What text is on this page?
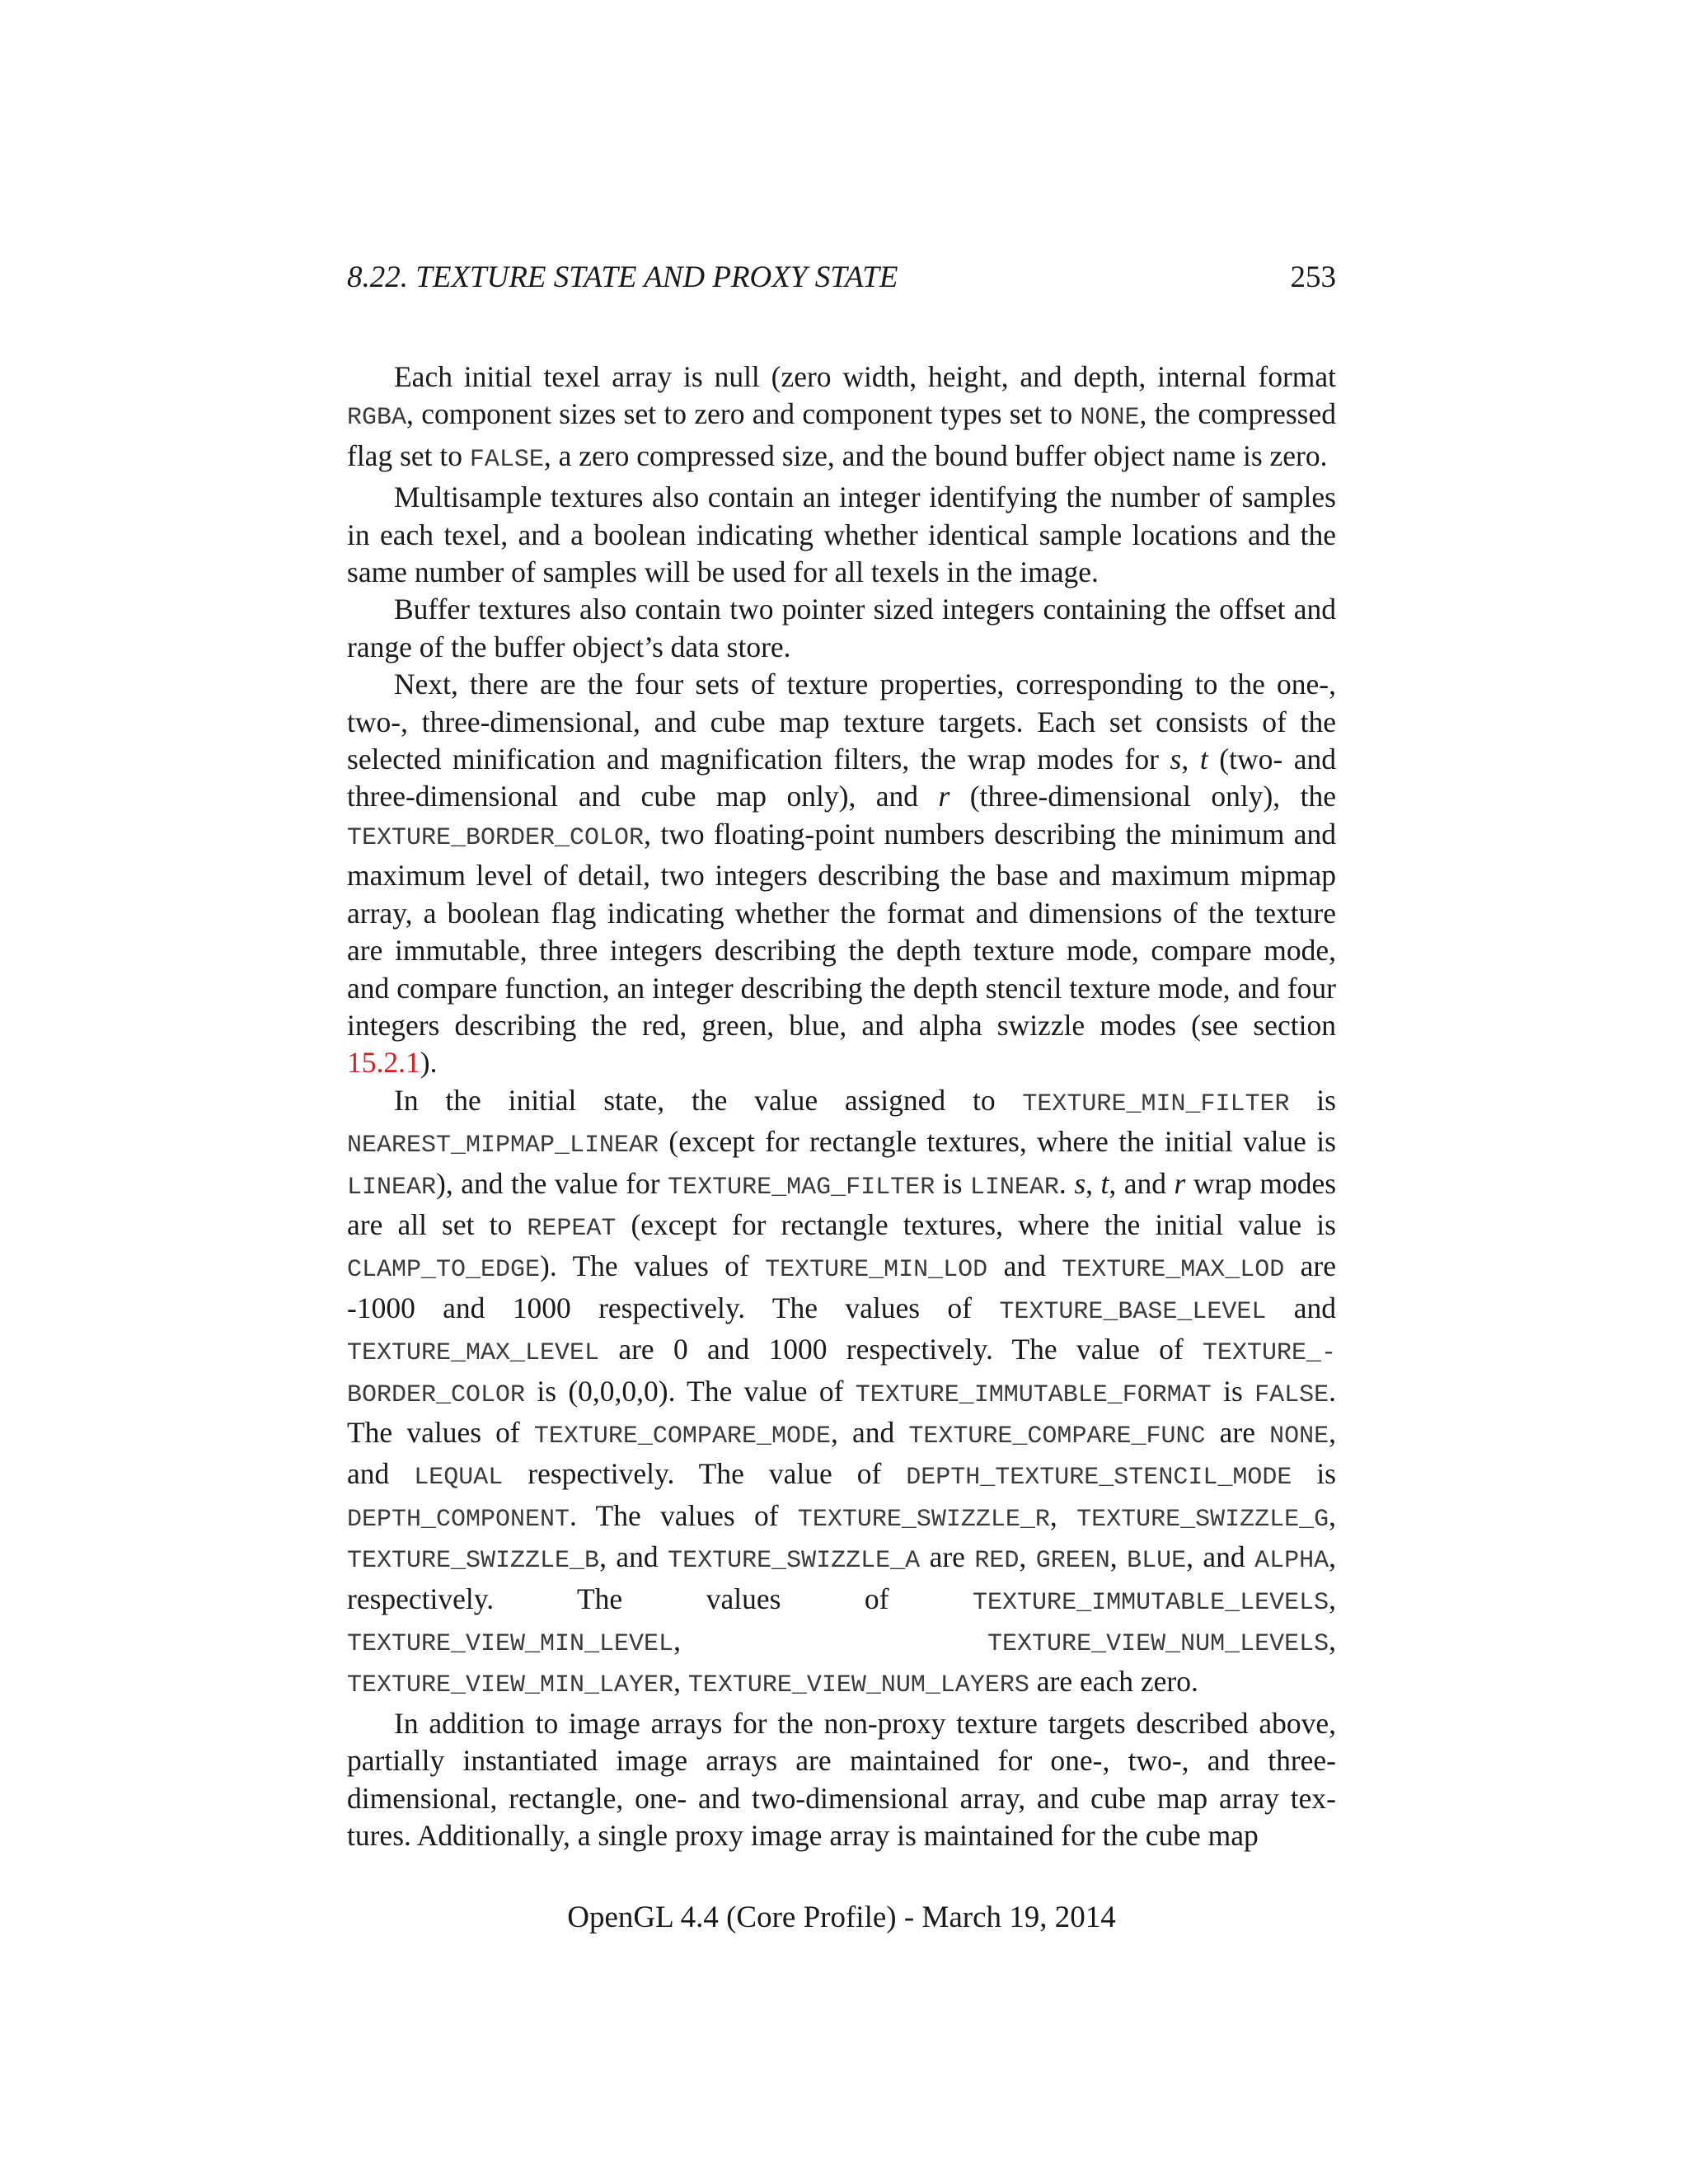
8.22. TEXTURE STATE AND PROXY STATE	253

Each initial texel array is null (zero width, height, and depth, internal format RGBA, component sizes set to zero and component types set to NONE, the compressed flag set to FALSE, a zero compressed size, and the bound buffer object name is zero.

Multisample textures also contain an integer identifying the number of samples in each texel, and a boolean indicating whether identical sample locations and the same number of samples will be used for all texels in the image.

Buffer textures also contain two pointer sized integers containing the offset and range of the buffer object’s data store.

Next, there are the four sets of texture properties, corresponding to the one-, two-, three-dimensional, and cube map texture targets. Each set consists of the selected minification and magnification filters, the wrap modes for s, t (two- and three-dimensional and cube map only), and r (three-dimensional only), the TEXTURE_BORDER_COLOR, two floating-point numbers describing the minimum and maximum level of detail, two integers describing the base and maximum mipmap array, a boolean flag indicating whether the format and dimensions of the texture are immutable, three integers describing the depth texture mode, compare mode, and compare function, an integer describing the depth stencil texture mode, and four integers describing the red, green, blue, and alpha swizzle modes (see section 15.2.1).

In the initial state, the value assigned to TEXTURE_MIN_FILTER is NEAREST_MIPMAP_LINEAR (except for rectangle textures, where the initial value is LINEAR), and the value for TEXTURE_MAG_FILTER is LINEAR. s, t, and r wrap modes are all set to REPEAT (except for rectangle textures, where the initial value is CLAMP_TO_EDGE). The values of TEXTURE_MIN_LOD and TEXTURE_MAX_LOD are -1000 and 1000 respectively. The values of TEXTURE_BASE_LEVEL and TEXTURE_MAX_LEVEL are 0 and 1000 respectively. The value of TEXTURE_BORDER_COLOR is (0,0,0,0). The value of TEXTURE_IMMUTABLE_FORMAT is FALSE. The values of TEXTURE_COMPARE_MODE, and TEXTURE_COMPARE_FUNC are NONE, and LEQUAL respectively. The value of DEPTH_TEXTURE_STENCIL_MODE is DEPTH_COMPONENT. The values of TEXTURE_SWIZZLE_R, TEXTURE_SWIZZLE_G, TEXTURE_SWIZZLE_B, and TEXTURE_SWIZZLE_A are RED, GREEN, BLUE, and ALPHA, respectively. The values of TEXTURE_IMMUTABLE_LEVELS, TEXTURE_VIEW_MIN_LEVEL, TEXTURE_VIEW_NUM_LEVELS, TEXTURE_VIEW_MIN_LAYER, TEXTURE_VIEW_NUM_LAYERS are each zero.

In addition to image arrays for the non-proxy texture targets described above, partially instantiated image arrays are maintained for one-, two-, and three-dimensional, rectangle, one- and two-dimensional array, and cube map array textures. Additionally, a single proxy image array is maintained for the cube map

OpenGL 4.4 (Core Profile) - March 19, 2014
